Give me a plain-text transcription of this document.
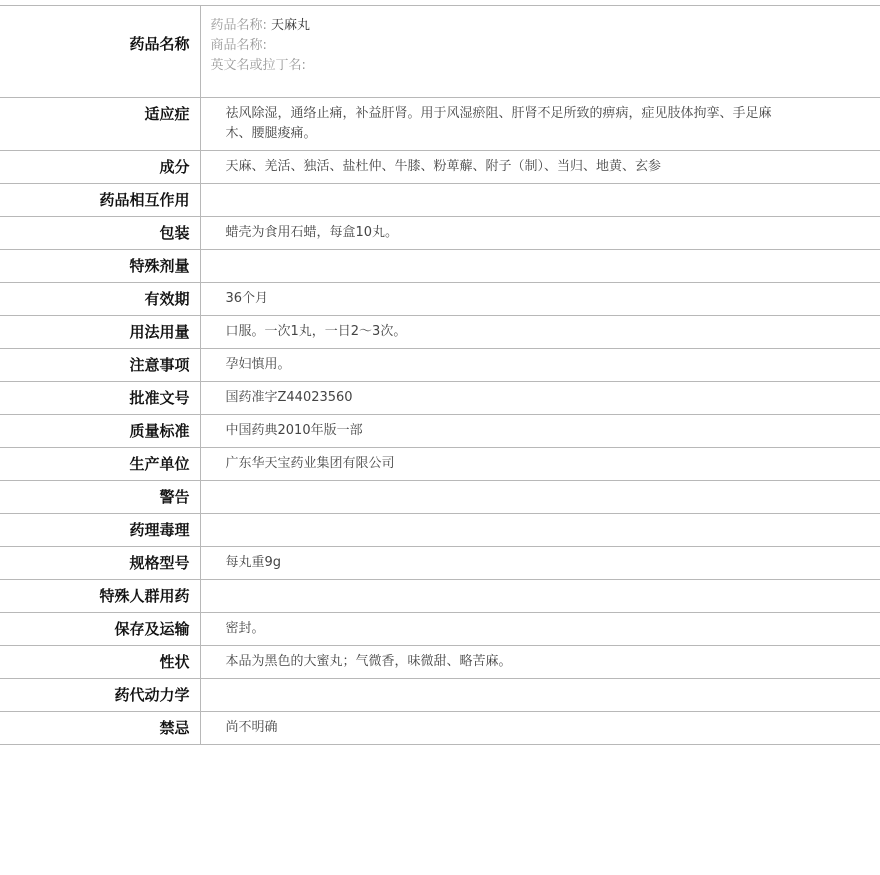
药品名称	药品名称: 天麻丸
商品名称:
英文名或拉丁名:

适应症	祛风除湿，通络止痛，补益肝肾。用于风湿瘀阻、肝肾不足所致的痹病，症见肢体拘挛、手足麻木、腰腿痠痛。
成分	天麻、羌活、独活、盐杜仲、牛膝、粉萆薢、附子（制）、当归、地黄、玄参
药品相互作用	
包装	蜡壳为食用石蜡，每盒10丸。
特殊剂量	
有效期	36个月
用法用量	口服。一次1丸，一日2～3次。
注意事项	孕妇慎用。
批准文号	国药准字Z44023560
质量标准	中国药典2010年版一部
生产单位	广东华天宝药业集团有限公司
警告	
药理毒理	
规格型号	每丸重9g
特殊人群用药	
保存及运输	密封。
性状	本品为黑色的大蜜丸；气微香，味微甜、略苦麻。
药代动力学	
禁忌	尚不明确
